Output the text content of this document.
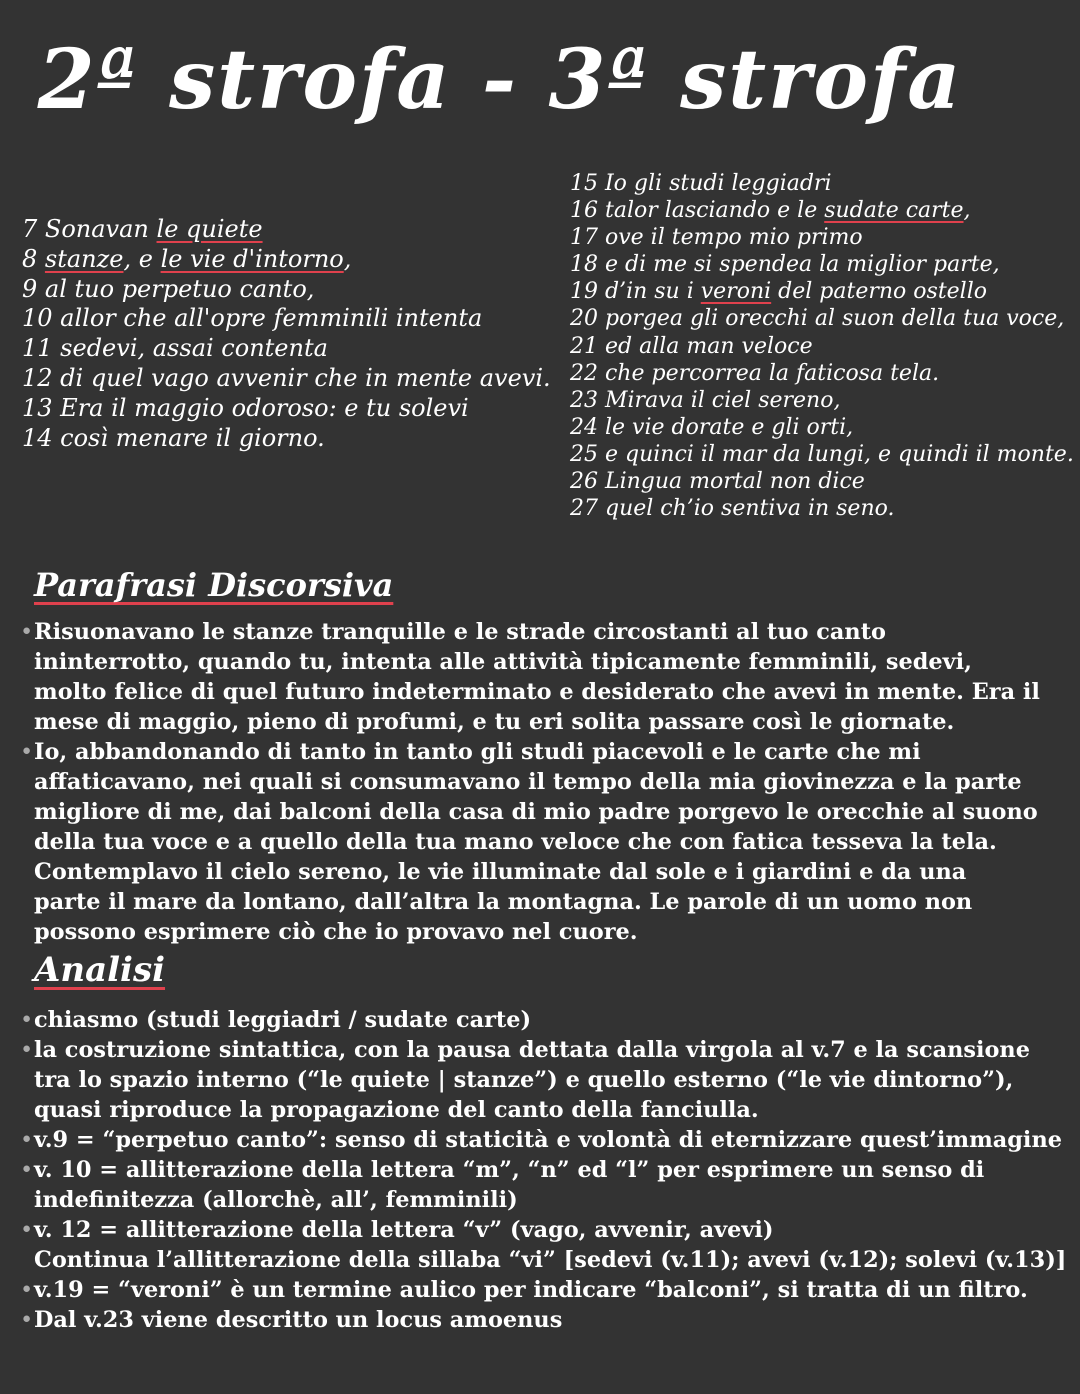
2ª strofa - 3ª strofa
7 Sonavan le quiete
8 stanze, e le vie d'intorno,
9 al tuo perpetuo canto,
10 allor che all'opre femminili intenta
11 sedevi, assai contenta
12 di quel vago avvenir che in mente avevi.
13 Era il maggio odoroso: e tu solevi
14 così menare il giorno.
15 Io gli studi leggiadri
16 talor lasciando e le sudate carte,
17 ove il tempo mio primo
18 e di me si spendea la miglior parte,
19 d’in su i veroni del paterno ostello
20 porgea gli orecchi al suon della tua voce,
21 ed alla man veloce
22 che percorrea la faticosa tela.
23 Mirava il ciel sereno,
24 le vie dorate e gli orti,
25 e quinci il mar da lungi, e quindi il monte.
26 Lingua mortal non dice
27 quel ch’io sentiva in seno.
Parafrasi Discorsiva
• Risuonavano le stanze tranquille e le strade circostanti al tuo canto ininterrotto, quando tu, intenta alle attività tipicamente femminili, sedevi, molto felice di quel futuro indeterminato e desiderato che avevi in mente. Era il mese di maggio, pieno di profumi, e tu eri solita passare così le giornate.
• Io, abbandonando di tanto in tanto gli studi piacevoli e le carte che mi affaticavano, nei quali si consumavano il tempo della mia giovinezza e la parte migliore di me, dai balconi della casa di mio padre porgevo le orecchie al suono della tua voce e a quello della tua mano veloce che con fatica tesseva la tela. Contemplavo il cielo sereno, le vie illuminate dal sole e i giardini e da una parte il mare da lontano, dall’altra la montagna. Le parole di un uomo non possono esprimere ciò che io provavo nel cuore.
Analisi
• chiasmo (studi leggiadri / sudate carte)
• la costruzione sintattica, con la pausa dettata dalla virgola al v.7 e la scansione tra lo spazio interno (“le quiete | stanze”) e quello esterno (“le vie dintorno”), quasi riproduce la propagazione del canto della fanciulla.
• v.9 = “perpetuo canto”: senso di staticità e volontà di eternizzare quest’immagine
• v. 10 = allitterazione della lettera “m”, “n” ed “l” per esprimere un senso di indefinitezza (allorchè, all’, femminili)
• v. 12 = allitterazione della lettera “v” (vago, avvenir, avevi)
Continua l’allitterazione della sillaba “vi” [sedevi (v.11); avevi (v.12); solevi (v.13)]
• v.19 = “veroni” è un termine aulico per indicare “balconi”, si tratta di un filtro.
• Dal v.23 viene descritto un locus amoenus
